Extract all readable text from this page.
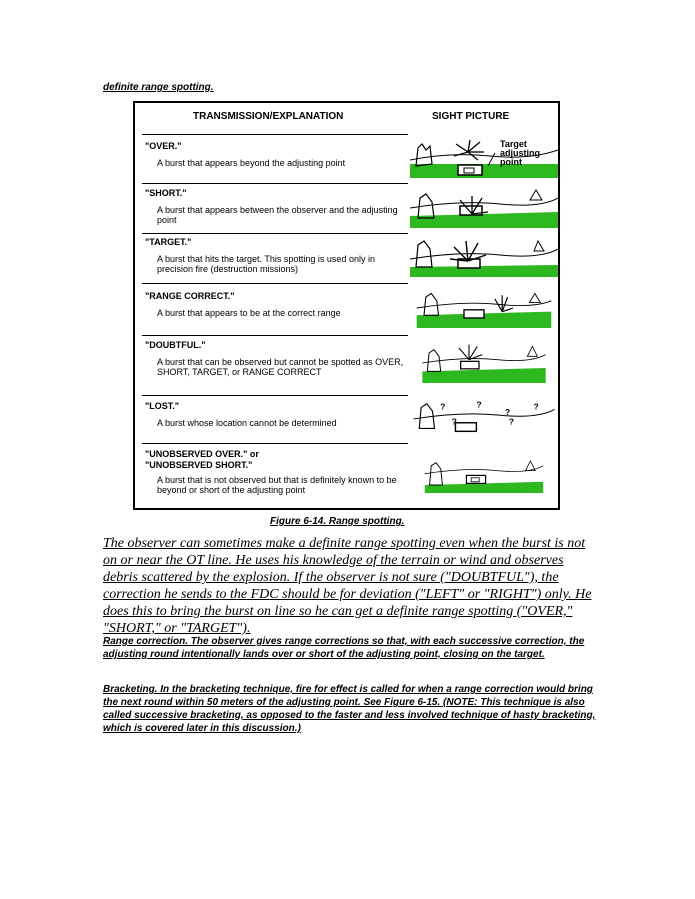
definite range spotting.
TRANSMISSION/EXPLANATION	SIGHT PICTURE
"OVER."
A burst that appears beyond the adjusting point
"SHORT."
A burst that appears between the observer and the adjusting point
"TARGET."
A burst that hits the target. This spotting is used only in precision fire (destruction missions)
"RANGE CORRECT."
A burst that appears to be at the correct range
"DOUBTFUL."
A burst that can be observed but cannot be spotted as OVER, SHORT, TARGET, or RANGE CORRECT
"LOST."
A burst whose location cannot be determined
"UNOBSERVED OVER." or "UNOBSERVED SHORT."
A burst that is not observed but that is definitely known to be beyond or short of the adjusting point
Target adjusting point
?	?
?
?
?	?
Figure 6-14. Range spotting.

The observer can sometimes make a definite range spotting even when the burst is not on or near the OT line. He uses his knowledge of the terrain or wind and observes debris scattered by the explosion. If the observer is not sure ("DOUBTFUL"), the correction he sends to the FDC should be for deviation ("LEFT" or "RIGHT") only. He does this to bring the burst on line so he can get a definite range spotting ("OVER," "SHORT," or "TARGET").

Range correction. The observer gives range corrections so that, with each successive correction, the adjusting round intentionally lands over or short of the adjusting point, closing on the target.

Bracketing. In the bracketing technique, fire for effect is called for when a range correction would bring the next round within 50 meters of the adjusting point. See Figure 6-15. (NOTE: This technique is also called successive bracketing, as opposed to the faster and less involved technique of hasty bracketing, which is covered later in this discussion.)
